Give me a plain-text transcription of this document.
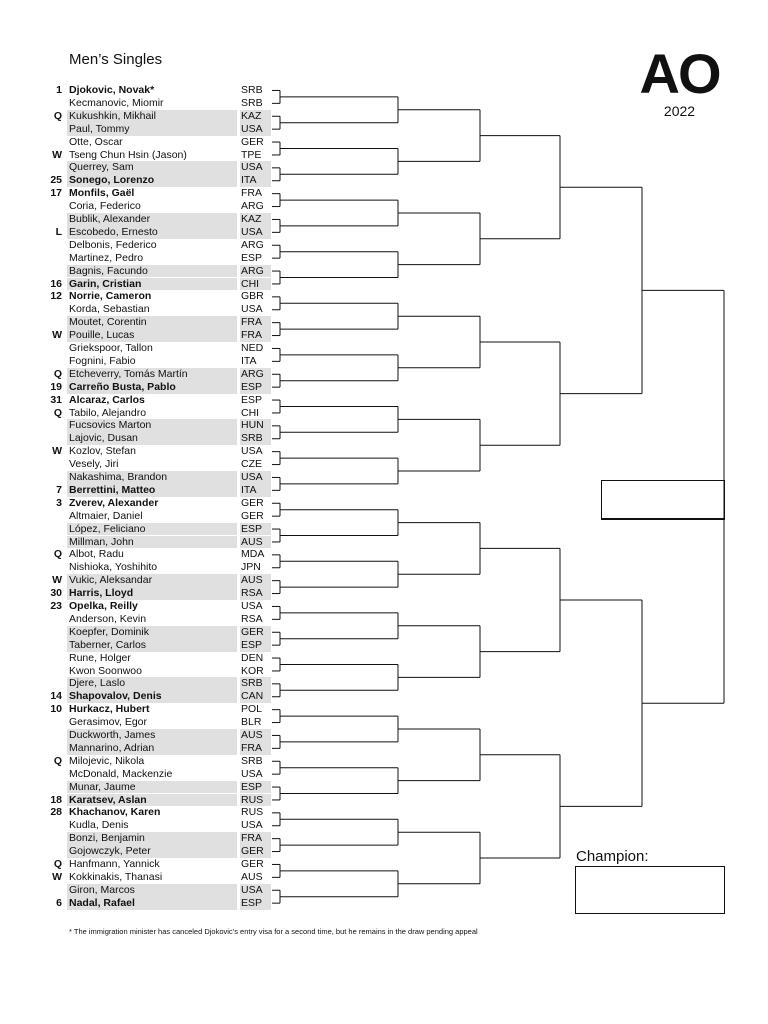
Men’s Singles	AO
2022
1 Djokovic, Novak*	SRB
Kecmanovic, Miomir	SRB
Q Kukushkin, Mikhail	KAZ
Paul, Tommy	USA
Otte, Oscar	GER
W Tseng Chun Hsin (Jason)	TPE
Querrey, Sam	USA
25 Sonego, Lorenzo	ITA
17 Monfils, Gaël	FRA
Coria, Federico	ARG
Bublik, Alexander	KAZ
L Escobedo, Ernesto	USA
Delbonis, Federico	ARG
Martinez, Pedro	ESP
Bagnis, Facundo	ARG
16 Garin, Cristian	CHI
12 Norrie, Cameron	GBR
Korda, Sebastian	USA
Moutet, Corentin	FRA
W Pouille, Lucas	FRA
Griekspoor, Tallon	NED
Fognini, Fabio	ITA
Q Etcheverry, Tomás Martín	ARG
19 Carreño Busta, Pablo	ESP
31 Alcaraz, Carlos	ESP
Q Tabilo, Alejandro	CHI
Fucsovics Marton	HUN
Lajovic, Dusan	SRB
W Kozlov, Stefan	USA
Vesely, Jiri	CZE
Nakashima, Brandon	USA
7 Berrettini, Matteo	ITA
3 Zverev, Alexander	GER
Altmaier, Daniel	GER
López, Feliciano	ESP
Millman, John	AUS
Q Albot, Radu	MDA
Nishioka, Yoshihito	JPN
W Vukic, Aleksandar	AUS
30 Harris, Lloyd	RSA
23 Opelka, Reilly	USA
Anderson, Kevin	RSA
Koepfer, Dominik	GER
Taberner, Carlos	ESP
Rune, Holger	DEN
Kwon Soonwoo	KOR
Djere, Laslo	SRB
14 Shapovalov, Denis	CAN
10 Hurkacz, Hubert	POL
Gerasimov, Egor	BLR
Duckworth, James	AUS
Mannarino, Adrian	FRA
Q Milojevic, Nikola	SRB
McDonald, Mackenzie	USA
Munar, Jaume	ESP
18 Karatsev, Aslan	RUS
28 Khachanov, Karen	RUS
Kudla, Denis	USA
Bonzi, Benjamin	FRA
Gojowczyk, Peter	GER
Q Hanfmann, Yannick	GER
W Kokkinakis, Thanasi	AUS
Giron, Marcos	USA
6 Nadal, Rafael	ESP
Champion:
* The immigration minister has canceled Djokovic’s entry visa for a second time, but he remains in the draw pending appeal
